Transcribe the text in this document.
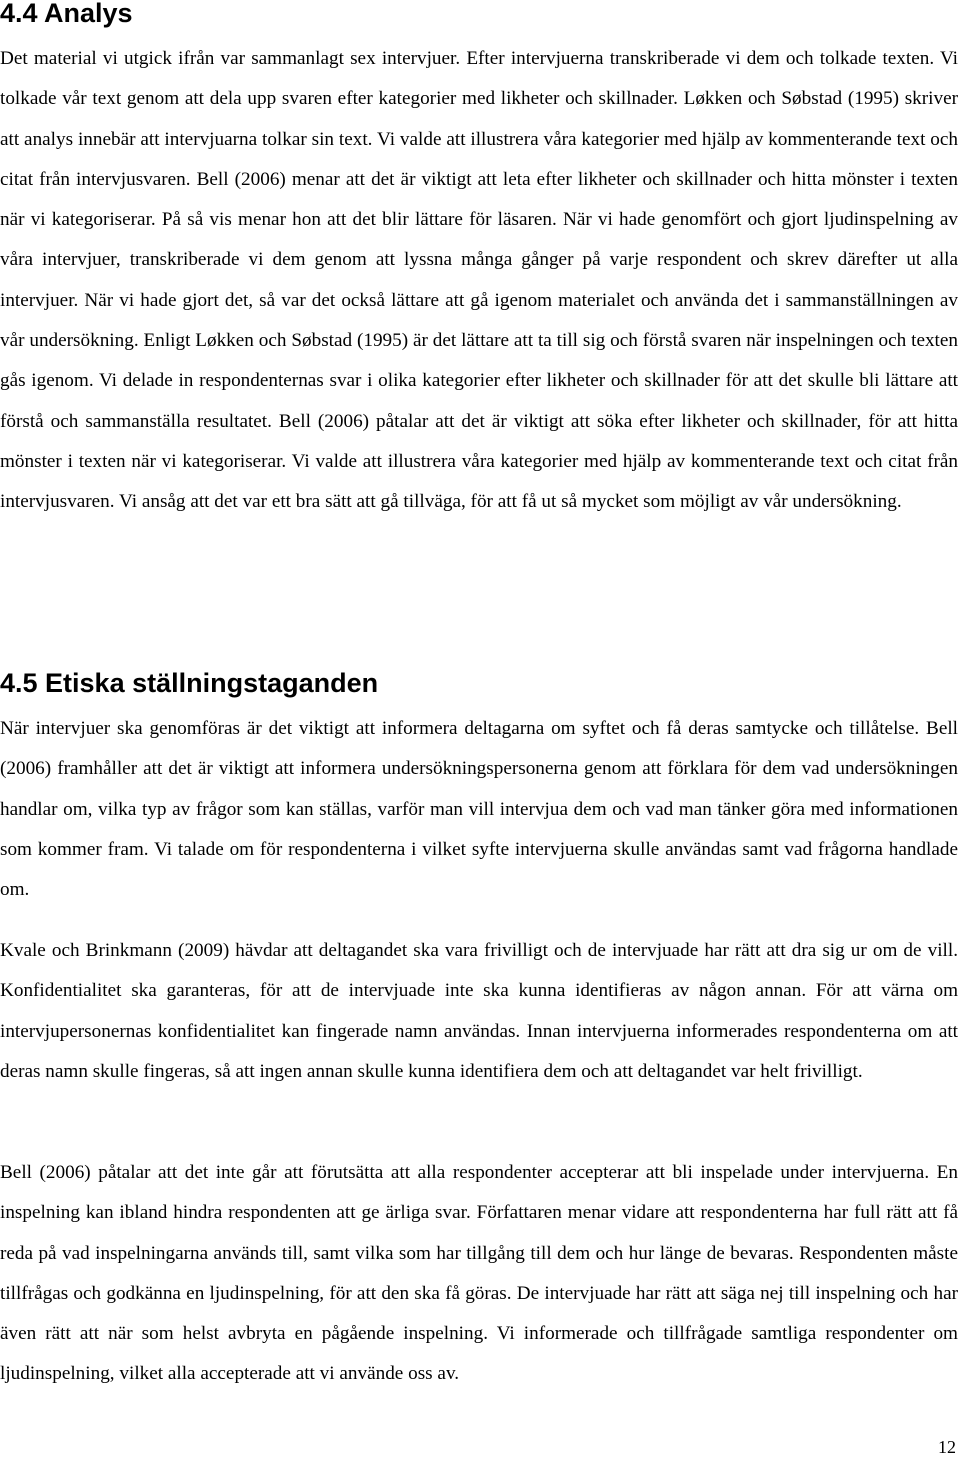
4.4 Analys

Det material vi utgick ifrån var sammanlagt sex intervjuer. Efter intervjuerna transkriberade vi dem och tolkade texten. Vi tolkade vår text genom att dela upp svaren efter kategorier med likheter och skillnader. Løkken och Søbstad (1995) skriver att analys innebär att intervjuarna tolkar sin text. Vi valde att illustrera våra kategorier med hjälp av kommenterande text och citat från intervjusvaren. Bell (2006) menar att det är viktigt att leta efter likheter och skillnader och hitta mönster i texten när vi kategoriserar. På så vis menar hon att det blir lättare för läsaren. När vi hade genomfört och gjort ljudinspelning av våra intervjuer, transkriberade vi dem genom att lyssna många gånger på varje respondent och skrev därefter ut alla intervjuer. När vi hade gjort det, så var det också lättare att gå igenom materialet och använda det i sammanställningen av vår undersökning. Enligt Løkken och Søbstad (1995) är det lättare att ta till sig och förstå svaren när inspelningen och texten gås igenom. Vi delade in respondenternas svar i olika kategorier efter likheter och skillnader för att det skulle bli lättare att förstå och sammanställa resultatet. Bell (2006) påtalar att det är viktigt att söka efter likheter och skillnader, för att hitta mönster i texten när vi kategoriserar. Vi valde att illustrera våra kategorier med hjälp av kommenterande text och citat från intervjusvaren. Vi ansåg att det var ett bra sätt att gå tillväga, för att få ut så mycket som möjligt av vår undersökning.

4.5 Etiska ställningstaganden

När intervjuer ska genomföras är det viktigt att informera deltagarna om syftet och få deras samtycke och tillåtelse. Bell (2006) framhåller att det är viktigt att informera undersökningspersonerna genom att förklara för dem vad undersökningen handlar om, vilka typ av frågor som kan ställas, varför man vill intervjua dem och vad man tänker göra med informationen som kommer fram. Vi talade om för respondenterna i vilket syfte intervjuerna skulle användas samt vad frågorna handlade om.

Kvale och Brinkmann (2009) hävdar att deltagandet ska vara frivilligt och de intervjuade har rätt att dra sig ur om de vill. Konfidentialitet ska garanteras, för att de intervjuade inte ska kunna identifieras av någon annan. För att värna om intervjupersonernas konfidentialitet kan fingerade namn användas. Innan intervjuerna informerades respondenterna om att deras namn skulle fingeras, så att ingen annan skulle kunna identifiera dem och att deltagandet var helt frivilligt.

Bell (2006) påtalar att det inte går att förutsätta att alla respondenter accepterar att bli inspelade under intervjuerna. En inspelning kan ibland hindra respondenten att ge ärliga svar. Författaren menar vidare att respondenterna har full rätt att få reda på vad inspelningarna används till, samt vilka som har tillgång till dem och hur länge de bevaras. Respondenten måste tillfrågas och godkänna en ljudinspelning, för att den ska få göras. De intervjuade har rätt att säga nej till inspelning och har även rätt att när som helst avbryta en pågående inspelning. Vi informerade och tillfrågade samtliga respondenter om ljudinspelning, vilket alla accepterade att vi använde oss av.

12
